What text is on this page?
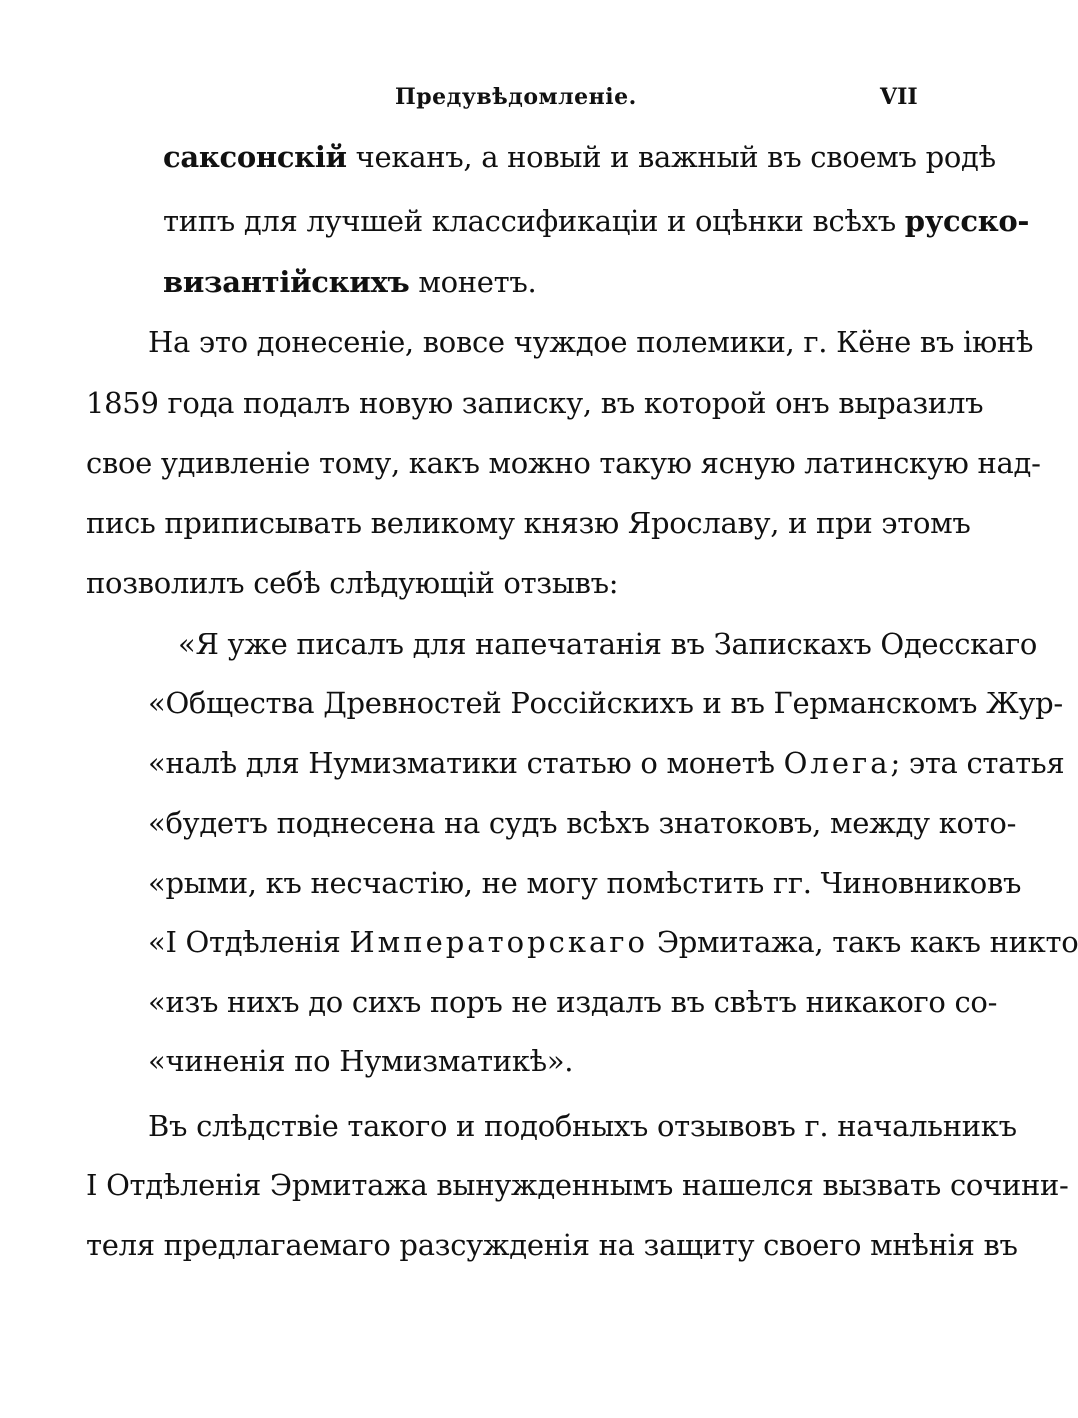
Предувѣдомленіе.	VII
саксонскій чеканъ, а новый и важный въ своемъ родѣ
типъ для лучшей классификаціи и оцѣнки всѣхъ русско-
византійскихъ монетъ.
На это донесеніе, вовсе чуждое полемики, г. Кёне въ іюнѣ
1859 года подалъ новую записку, въ которой онъ выразилъ
свое удивленіе тому, какъ можно такую ясную латинскую над-
пись приписывать великому князю Ярославу, и при этомъ
позволилъ себѣ слѣдующій отзывъ:
«Я уже писалъ для напечатанія въ Запискахъ Одесскаго
«Общества Древностей Россійскихъ и въ Германскомъ Жур-
«налѣ для Нумизматики статью о монетѣ Олега; эта статья
«будетъ поднесена на судъ всѣхъ знатоковъ, между кото-
«рыми, къ несчастію, не могу помѣстить гг. Чиновниковъ
«I Отдѣленія Императорскаго Эрмитажа, такъ какъ никто
«изъ нихъ до сихъ поръ не издалъ въ свѣтъ никакого со-
«чиненія по Нумизматикѣ».
Въ слѣдствіе такого и подобныхъ отзывовъ г. начальникъ
I Отдѣленія Эрмитажа вынужденнымъ нашелся вызвать сочини-
теля предлагаемаго разсужденія на защиту своего мнѣнія въ
